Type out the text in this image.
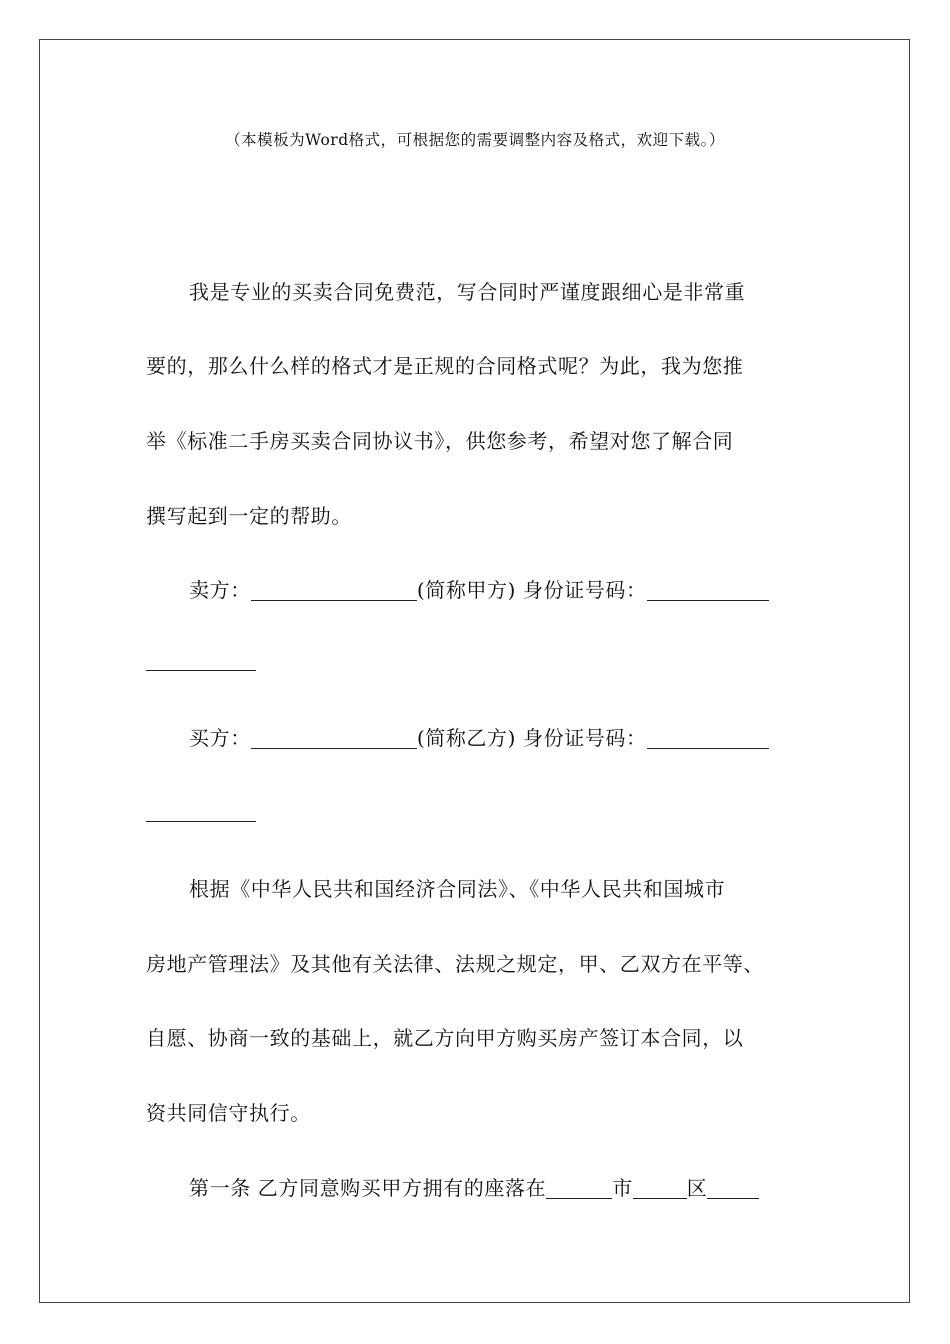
（本模板为Word格式，可根据您的需要调整内容及格式，欢迎下载。）
我是专业的买卖合同免费范，写合同时严谨度跟细心是非常重
要的，那么什么样的格式才是正规的合同格式呢？为此，我为您推
举《标准二手房买卖合同协议书》，供您参考，希望对您了解合同
撰写起到一定的帮助。
卖方：	(简称甲方) 身份证号码：
买方：	(简称乙方) 身份证号码：
根据《中华人民共和国经济合同法》、《中华人民共和国城市
房地产管理法》及其他有关法律、法规之规定，甲、乙双方在平等、
自愿、协商一致的基础上，就乙方向甲方购买房产签订本合同，以
资共同信守执行。
第一条 乙方同意购买甲方拥有的座落在	市	区
